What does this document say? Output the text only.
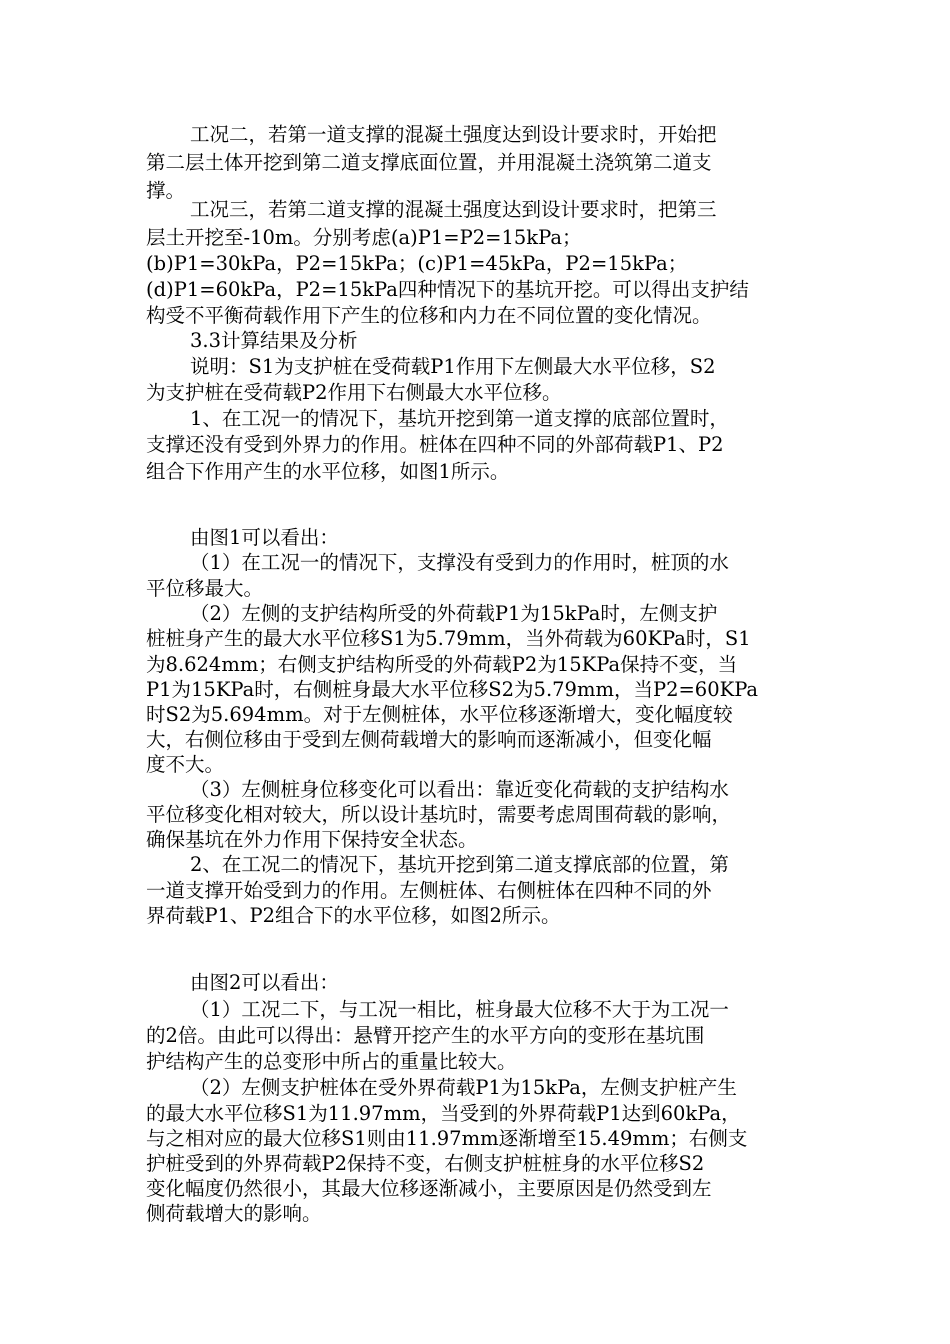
工况二，若第一道支撑的混凝土强度达到设计要求时，开始把
第二层土体开挖到第二道支撑底面位置，并用混凝土浇筑第二道支
撑。
工况三，若第二道支撑的混凝土强度达到设计要求时，把第三
层土开挖至-10m。分别考虑(a)P1=P2=15kPa；
(b)P1=30kPa，P2=15kPa；(c)P1=45kPa，P2=15kPa；
(d)P1=60kPa，P2=15kPa四种情况下的基坑开挖。可以得出支护结
构受不平衡荷载作用下产生的位移和内力在不同位置的变化情况。
3.3计算结果及分析
说明：S1为支护桩在受荷载P1作用下左侧最大水平位移，S2
为支护桩在受荷载P2作用下右侧最大水平位移。
1、在工况一的情况下，基坑开挖到第一道支撑的底部位置时，
支撑还没有受到外界力的作用。桩体在四种不同的外部荷载P1、P2
组合下作用产生的水平位移，如图1所示。
由图1可以看出：
（1）在工况一的情况下，支撑没有受到力的作用时，桩顶的水
平位移最大。
（2）左侧的支护结构所受的外荷载P1为15kPa时，左侧支护
桩桩身产生的最大水平位移S1为5.79mm，当外荷载为60KPa时，S1
为8.624mm；右侧支护结构所受的外荷载P2为15KPa保持不变，当
P1为15KPa时，右侧桩身最大水平位移S2为5.79mm，当P2=60KPa
时S2为5.694mm。对于左侧桩体，水平位移逐渐增大，变化幅度较
大，右侧位移由于受到左侧荷载增大的影响而逐渐减小，但变化幅
度不大。
（3）左侧桩身位移变化可以看出：靠近变化荷载的支护结构水
平位移变化相对较大，所以设计基坑时，需要考虑周围荷载的影响，
确保基坑在外力作用下保持安全状态。
2、在工况二的情况下，基坑开挖到第二道支撑底部的位置，第
一道支撑开始受到力的作用。左侧桩体、右侧桩体在四种不同的外
界荷载P1、P2组合下的水平位移，如图2所示。
由图2可以看出：
（1）工况二下，与工况一相比，桩身最大位移不大于为工况一
的2倍。由此可以得出：悬臂开挖产生的水平方向的变形在基坑围
护结构产生的总变形中所占的重量比较大。
（2）左侧支护桩体在受外界荷载P1为15kPa，左侧支护桩产生
的最大水平位移S1为11.97mm，当受到的外界荷载P1达到60kPa，
与之相对应的最大位移S1则由11.97mm逐渐增至15.49mm；右侧支
护桩受到的外界荷载P2保持不变，右侧支护桩桩身的水平位移S2
变化幅度仍然很小，其最大位移逐渐减小，主要原因是仍然受到左
侧荷载增大的影响。
